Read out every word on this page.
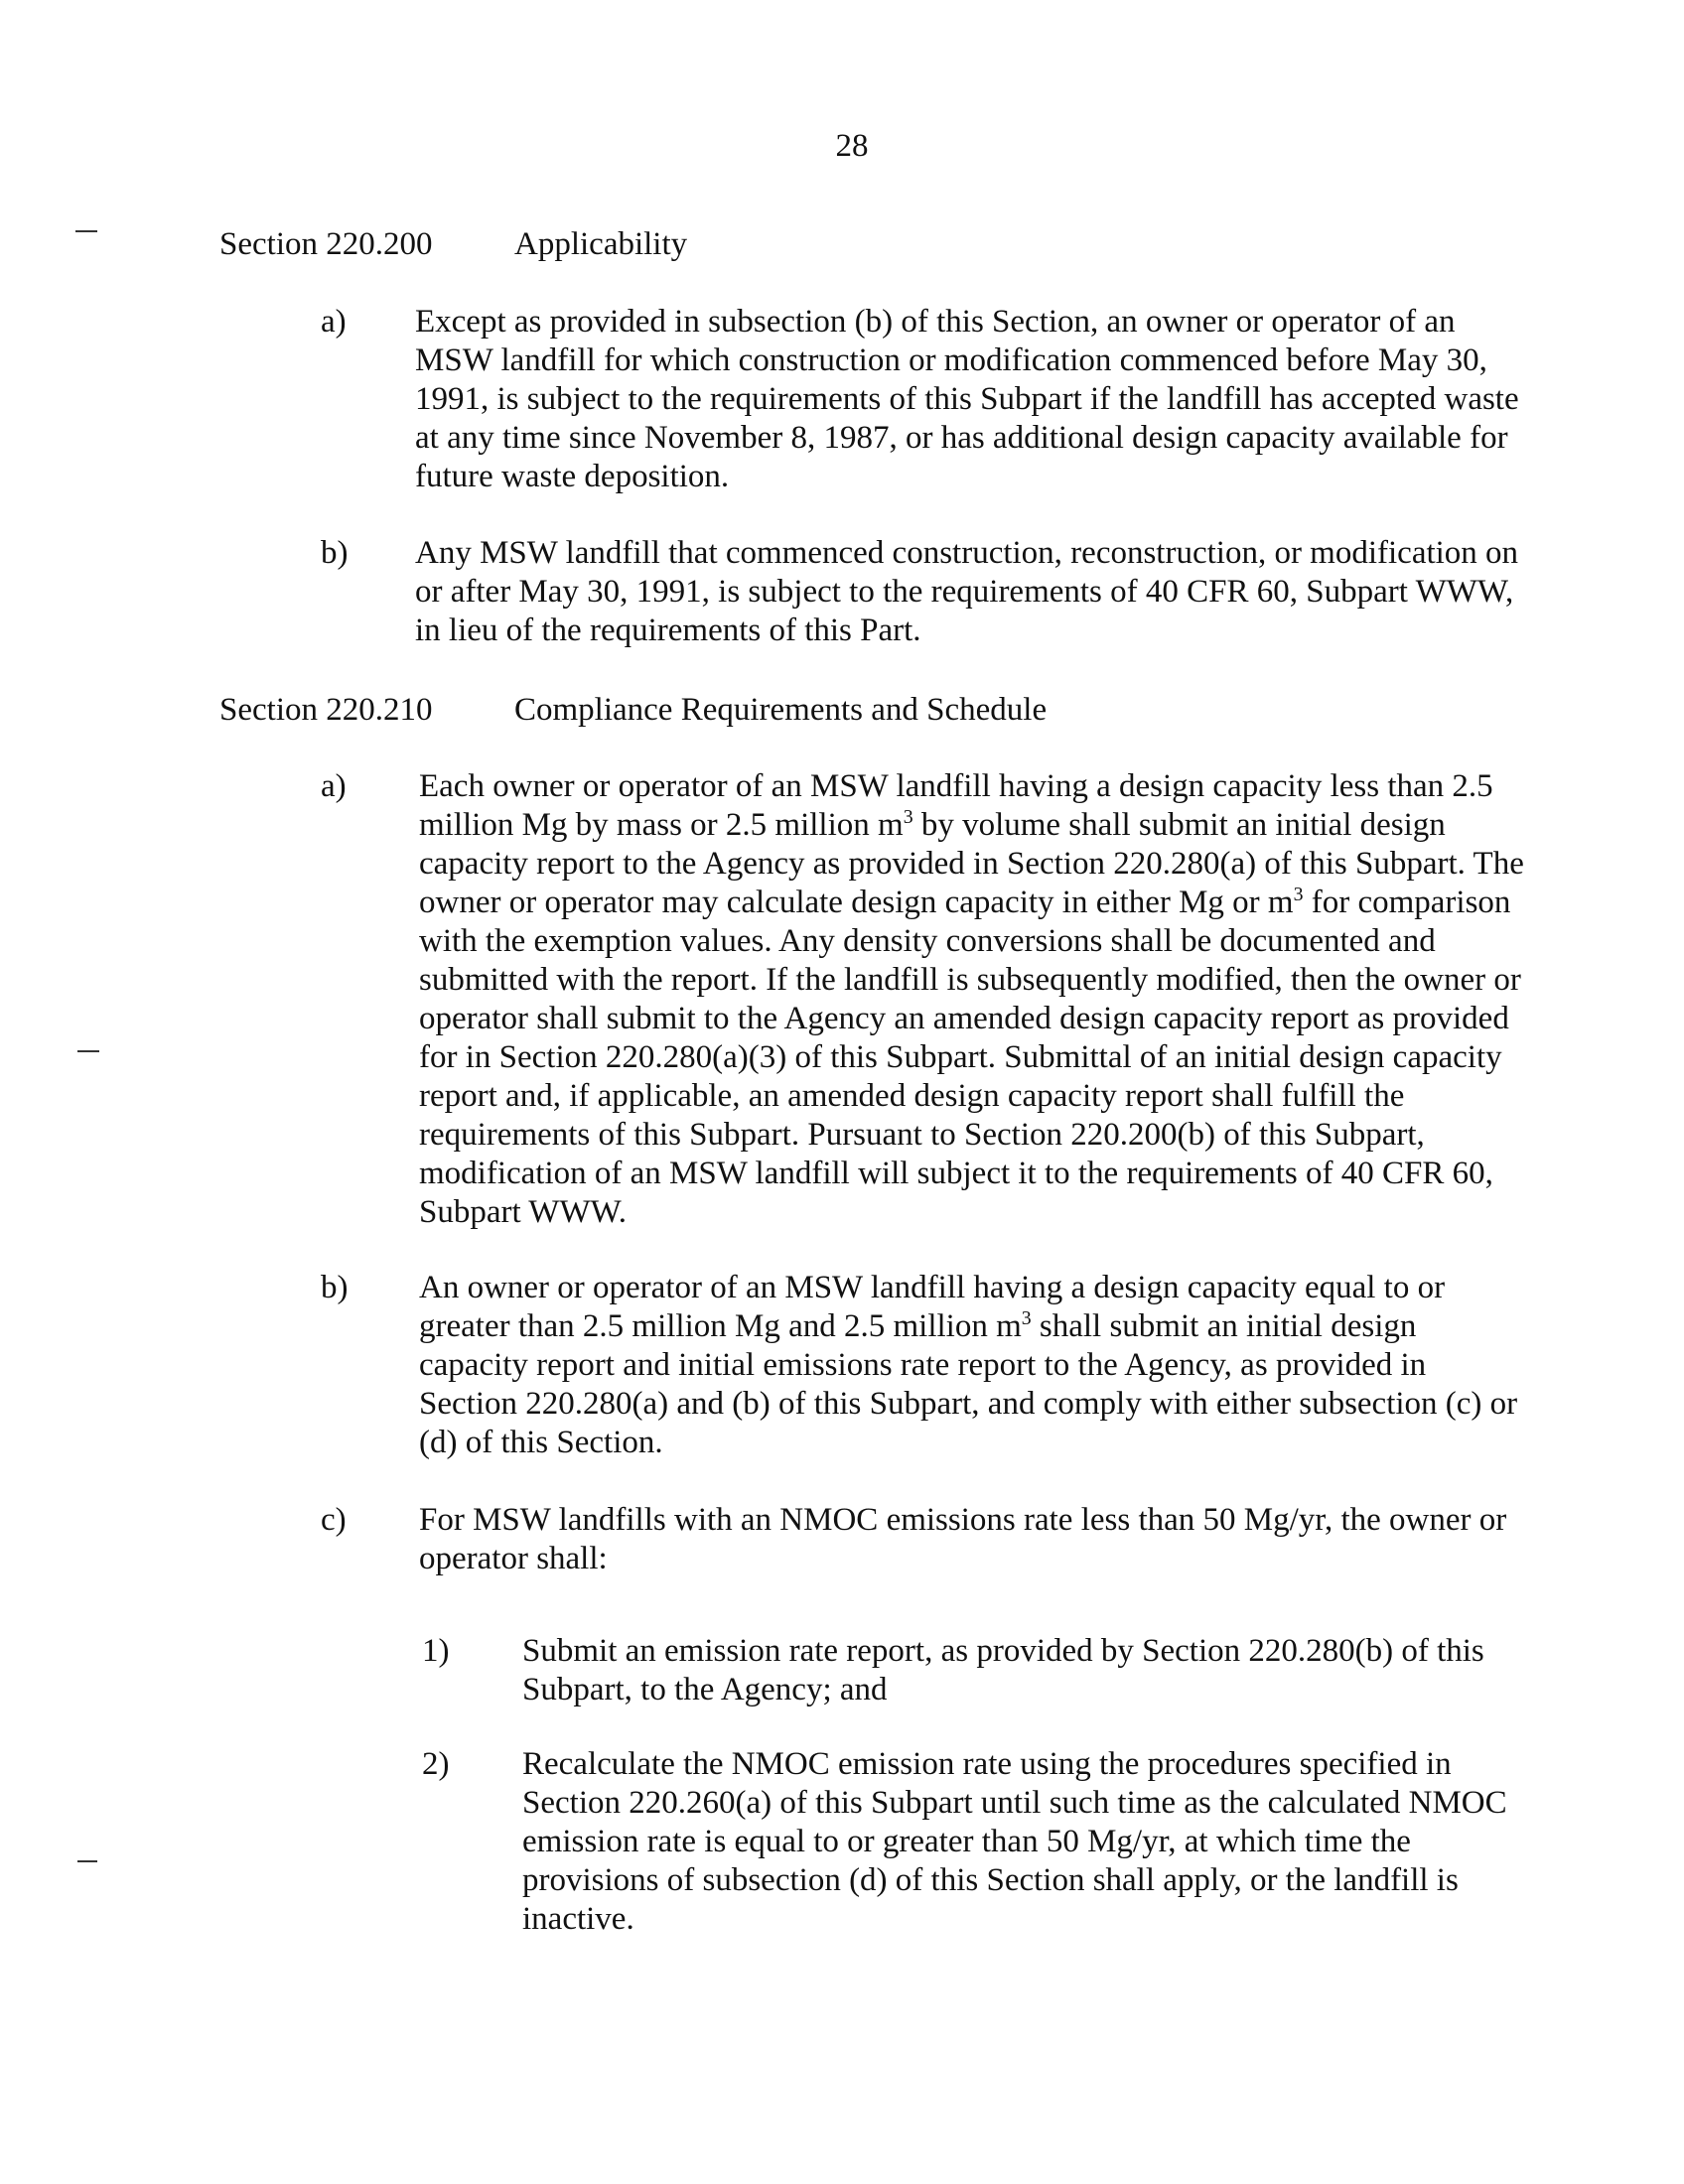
28
Section 220.200	Applicability
a)	Except as provided in subsection (b) of this Section, an owner or operator of an MSW landfill for which construction or modification commenced before May 30, 1991, is subject to the requirements of this Subpart if the landfill has accepted waste at any time since November 8, 1987, or has additional design capacity available for future waste deposition.
b)	Any MSW landfill that commenced construction, reconstruction, or modification on or after May 30, 1991, is subject to the requirements of 40 CFR 60, Subpart WWW, in lieu of the requirements of this Part.
Section 220.210	Compliance Requirements and Schedule
a)	Each owner or operator of an MSW landfill having a design capacity less than 2.5 million Mg by mass or 2.5 million $m^3$ by volume shall submit an initial design capacity report to the Agency as provided in Section 220.280(a) of this Subpart. The owner or operator may calculate design capacity in either Mg or $m^3$ for comparison with the exemption values. Any density conversions shall be documented and submitted with the report. If the landfill is subsequently modified, then the owner or operator shall submit to the Agency an amended design capacity report as provided for in Section 220.280(a)(3) of this Subpart. Submittal of an initial design capacity report and, if applicable, an amended design capacity report shall fulfill the requirements of this Subpart. Pursuant to Section 220.200(b) of this Subpart, modification of an MSW landfill will subject it to the requirements of 40 CFR 60, Subpart WWW.
b)	An owner or operator of an MSW landfill having a design capacity equal to or greater than 2.5 million Mg and 2.5 million $m^3$ shall submit an initial design capacity report and initial emissions rate report to the Agency, as provided in Section 220.280(a) and (b) of this Subpart, and comply with either subsection (c) or (d) of this Section.
c)	For MSW landfills with an NMOC emissions rate less than 50 Mg/yr, the owner or operator shall:
1)	Submit an emission rate report, as provided by Section 220.280(b) of this Subpart, to the Agency; and
2)	Recalculate the NMOC emission rate using the procedures specified in Section 220.260(a) of this Subpart until such time as the calculated NMOC emission rate is equal to or greater than 50 Mg/yr, at which time the provisions of subsection (d) of this Section shall apply, or the landfill is inactive.
